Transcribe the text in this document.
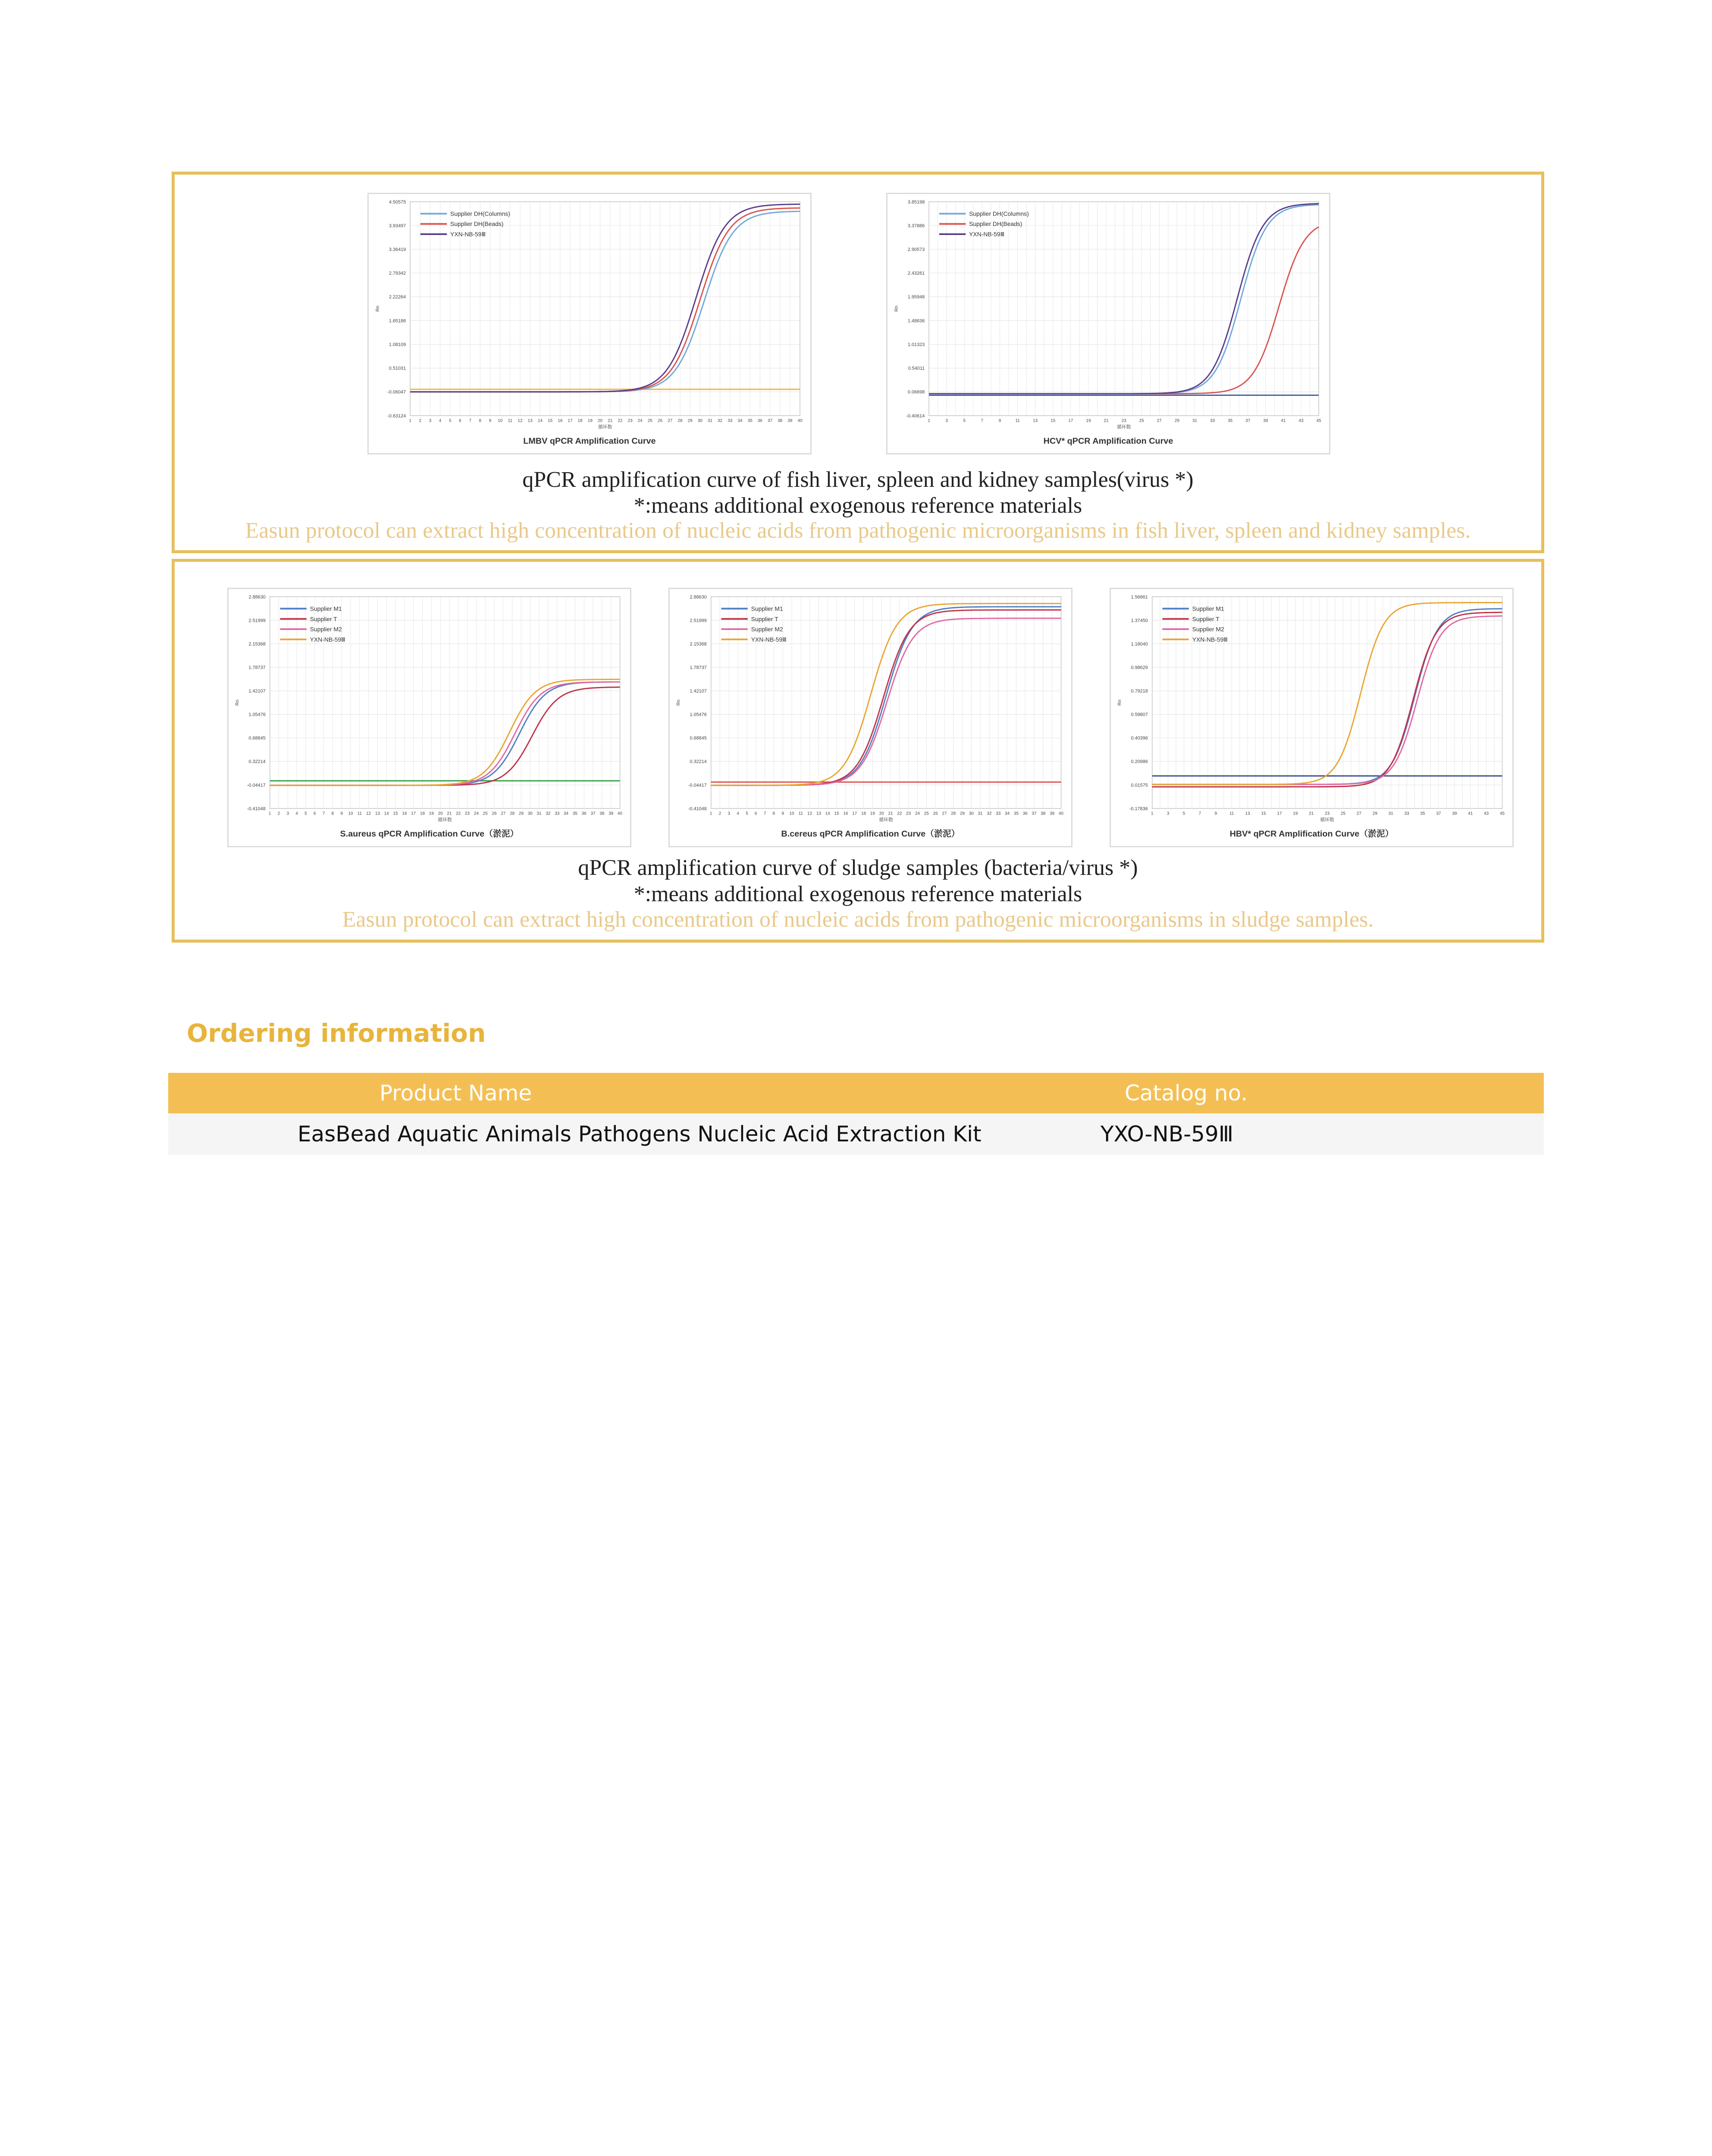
4.50575
3.93497
3.36419
2.79342
2.22264
1.65186
1.08109
0.51031
-0.06047
-0.63124
1 2 3 4 5 6 7 8 9 10 11 12 13 14 15 16 17 18 19 20 21 22 23 24 25 26 27 28 29 30 31 32 33 34 35 36 37 38 39 40
Rn
循环数
LMBV qPCR Amplification Curve
Supplier DH(Columns)
Supplier DH(Beads)
YXN-NB-59Ⅲ
3.85198
3.37886
2.90573
2.43261
1.95948
1.48636
1.01323
0.54011
0.06698
-0.40614
1	3	5	7	9	11	13	15	17	19	21	23	25	27	29	31	33	35	37	39	41	43	45
Rn
循环数
HCV* qPCR Amplification Curve
Supplier DH(Columns)
Supplier DH(Beads)
YXN-NB-59Ⅲ
qPCR amplification curve of fish liver, spleen and kidney samples(virus *)
*:means additional exogenous reference materials
Easun protocol can extract high concentration of nucleic acids from pathogenic microorganisms in fish liver, spleen and kidney samples.
2.88630
2.51999
2.15368
1.78737
1.42107
1.05476
0.68845
0.32214
-0.04417
-0.41048
1 2 3 4 5 6 7 8 9 10 11 12 13 14 15 16 17 18 19 20 21 22 23 24 25 26 27 28 29 30 31 32 33 34 35 36 37 38 39 40
Rn
循环数
S.aureus qPCR Amplification Curve（淤泥）
Supplier M1
Supplier T
Supplier M2
YXN-NB-59Ⅲ
2.88630
2.51999
2.15368
1.78737
1.42107
1.05476
0.68845
0.32214
-0.04417
-0.41048
1 2 3 4 5 6 7 8 9 10 11 12 13 14 15 16 17 18 19 20 21 22 23 24 25 26 27 28 29 30 31 32 33 34 35 36 37 38 39 40
Rn
循环数
B.cereus qPCR Amplification Curve（淤泥）
Supplier M1
Supplier T
Supplier M2
YXN-NB-59Ⅲ
1.56861
1.37450
1.18040
0.98629
0.79218
0.59807
0.40396
0.20986
0.01575
-0.17836
1	3	5	7	9	11	13	15	17	19	21	23	25	27	29	31	33	35	37	39	41	43	45
Rn
循环数
HBV* qPCR Amplification Curve（淤泥）
Supplier M1
Supplier T
Supplier M2
YXN-NB-59Ⅲ
qPCR amplification curve of sludge samples (bacteria/virus *)
*:means additional exogenous reference materials
Easun protocol can extract high concentration of nucleic acids from pathogenic microorganisms in sludge samples.
Ordering information
Product Name	Catalog no.
EasBead Aquatic Animals Pathogens Nucleic Acid Extraction Kit	YXO-NB-59Ⅲ
